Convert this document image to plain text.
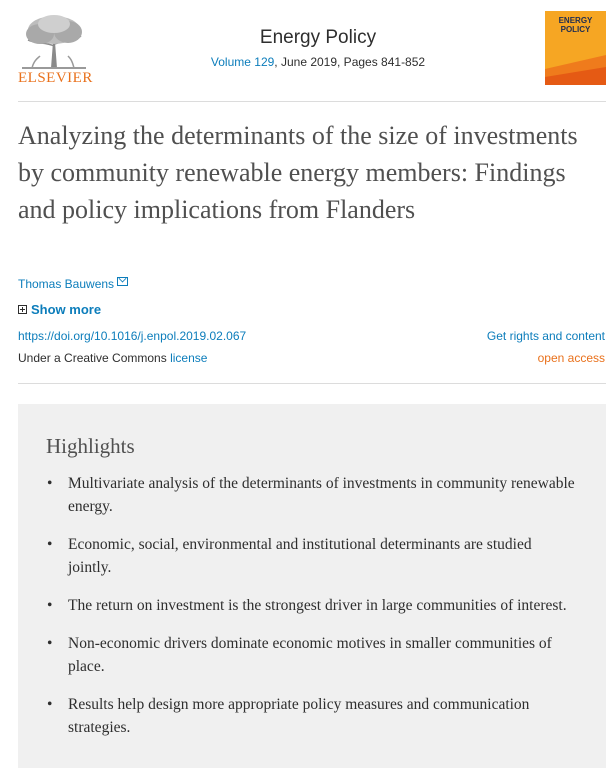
ELSEVIER
Energy Policy
Volume 129, June 2019, Pages 841-852
ENERGY
POLICY
Analyzing the determinants of the size of investments by community renewable energy members: Findings and policy implications from Flanders
Thomas Bauwens
Show more
https://doi.org/10.1016/j.enpol.2019.02.067	Get rights and content
Under a Creative Commons license	open access
Highlights
• Multivariate analysis of the determinants of investments in community renewable energy.
• Economic, social, environmental and institutional determinants are studied jointly.
• The return on investment is the strongest driver in large communities of interest.
• Non-economic drivers dominate economic motives in smaller communities of place.
• Results help design more appropriate policy measures and communication strategies.
